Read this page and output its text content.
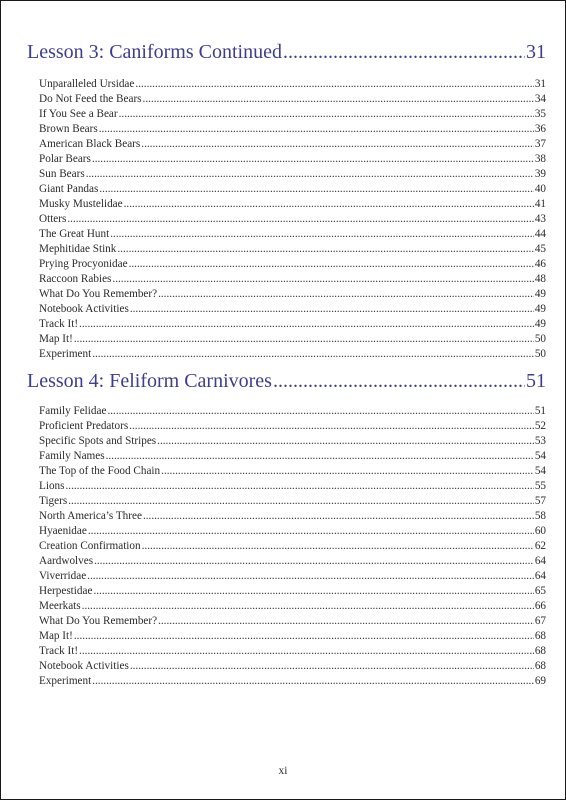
Lesson 3: Caniforms Continued .....	31
Unparalleled Ursidae .....	31
Do Not Feed the Bears .....	34
If You See a Bear .....	35
Brown Bears .....	36
American Black Bears .....	37
Polar Bears .....	38
Sun Bears .....	39
Giant Pandas .....	40
Musky Mustelidae .....	41
Otters .....	43
The Great Hunt .....	44
Mephitidae Stink .....	45
Prying Procyonidae .....	46
Raccoon Rabies .....	48
What Do You Remember? .....	49
Notebook Activities .....	49
Track It! .....	49
Map It! .....	50
Experiment .....	50
Lesson 4: Feliform Carnivores .....	51
Family Felidae .....	51
Proficient Predators .....	52
Specific Spots and Stripes .....	53
Family Names .....	54
The Top of the Food Chain .....	54
Lions .....	55
Tigers .....	57
North America’s Three .....	58
Hyaenidae .....	60
Creation Confirmation .....	62
Aardwolves .....	64
Viverridae .....	64
Herpestidae .....	65
Meerkats .....	66
What Do You Remember? .....	67
Map It! .....	68
Track It! .....	68
Notebook Activities .....	68
Experiment .....	69
xi
